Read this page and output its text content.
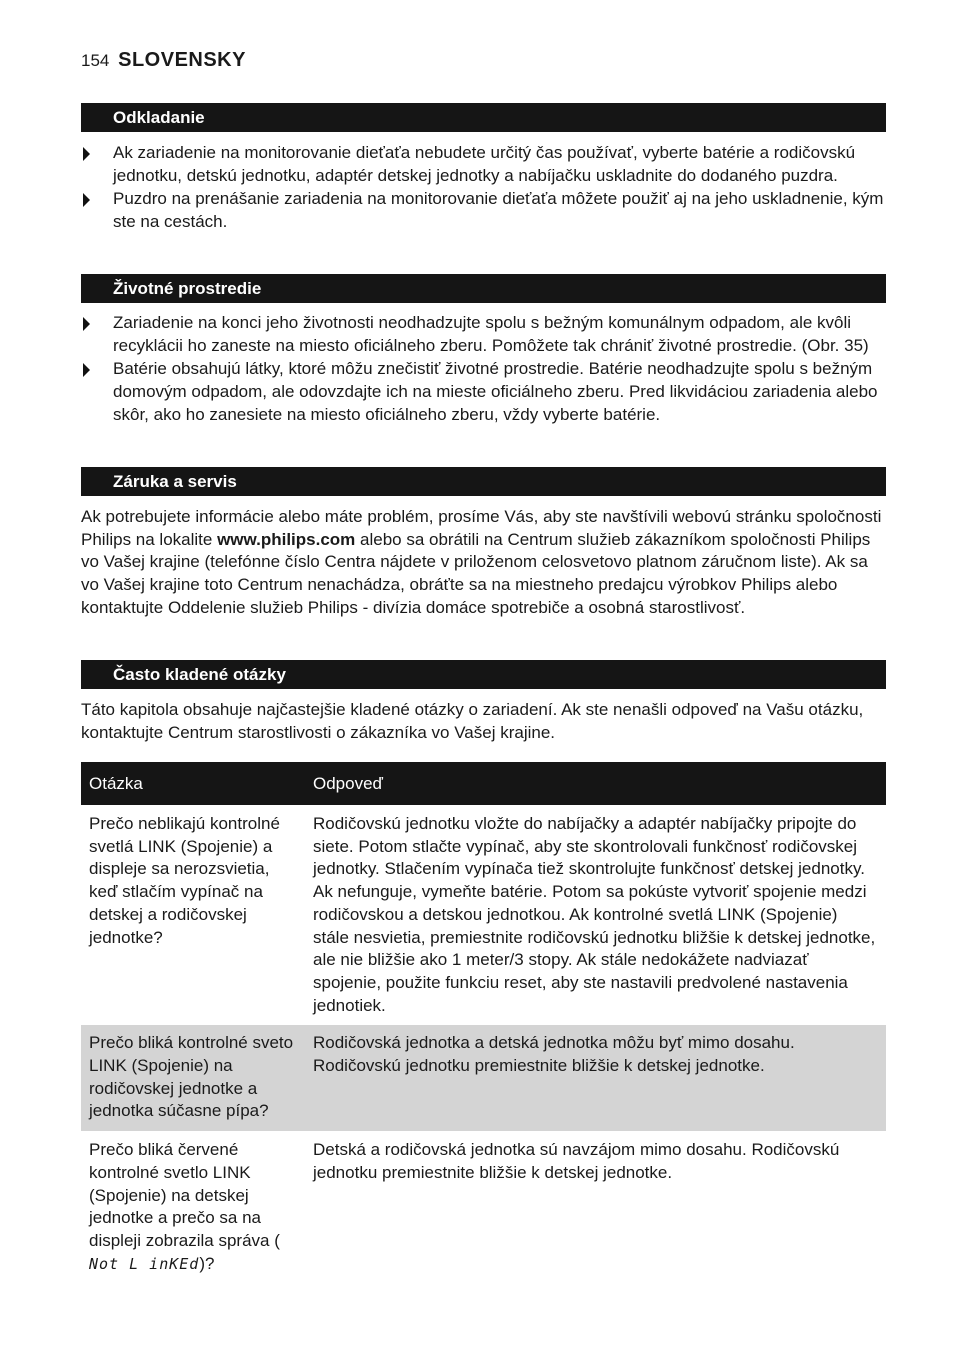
154 SLOVENSKY
Odkladanie
Ak zariadenie na monitorovanie dieťaťa nebudete určitý čas používať, vyberte batérie a rodičovskú jednotku, detskú jednotku, adaptér detskej jednotky a nabíjačku uskladnite do dodaného puzdra.
Puzdro na prenášanie zariadenia na monitorovanie dieťaťa môžete použiť aj na jeho uskladnenie, kým ste na cestách.
Životné prostredie
Zariadenie na konci jeho životnosti neodhadzujte spolu s bežným komunálnym odpadom, ale kvôli recyklácii ho zaneste na miesto oficiálneho zberu. Pomôžete tak chrániť životné prostredie. (Obr. 35)
Batérie obsahujú látky, ktoré môžu znečistiť životné prostredie. Batérie neodhadzujte spolu s bežným domovým odpadom, ale odovzdajte ich na mieste oficiálneho zberu. Pred likvidáciou zariadenia alebo skôr, ako ho zanesiete na miesto oficiálneho zberu, vždy vyberte batérie.
Záruka a servis

Ak potrebujete informácie alebo máte problém, prosíme Vás, aby ste navštívili webovú stránku spoločnosti Philips na lokalite www.philips.com alebo sa obrátili na Centrum služieb zákazníkom spoločnosti Philips vo Vašej krajine (telefónne číslo Centra nájdete v priloženom celosvetovo platnom záručnom liste). Ak sa vo Vašej krajine toto Centrum nenachádza, obráťte sa na miestneho predajcu výrobkov Philips alebo kontaktujte Oddelenie služieb Philips - divízia domáce spotrebiče a osobná starostlivosť.

Často kladené otázky

Táto kapitola obsahuje najčastejšie kladené otázky o zariadení. Ak ste nenašli odpoveď na Vašu otázku, kontaktujte Centrum starostlivosti o zákazníka vo Vašej krajine.

Otázka	Odpoveď
Prečo neblikajú kontrolné svetlá LINK (Spojenie) a displeje sa nerozsvietia, keď stlačím vypínač na detskej a rodičovskej jednotke?	Rodičovskú jednotku vložte do nabíjačky a adaptér nabíjačky pripojte do siete. Potom stlačte vypínač, aby ste skontrolovali funkčnosť rodičovskej jednotky. Stlačením vypínača tiež skontrolujte funkčnosť detskej jednotky. Ak nefunguje, vymeňte batérie. Potom sa pokúste vytvoriť spojenie medzi rodičovskou a detskou jednotkou. Ak kontrolné svetlá LINK (Spojenie) stále nesvietia, premiestnite rodičovskú jednotku bližšie k detskej jednotke, ale nie bližšie ako 1 meter/3 stopy. Ak stále nedokážete nadviazať spojenie, použite funkciu reset, aby ste nastavili predvolené nastavenia jednotiek.
Prečo bliká kontrolné sveto LINK (Spojenie) na rodičovskej jednotke a jednotka súčasne pípa?	Rodičovská jednotka a detská jednotka môžu byť mimo dosahu. Rodičovskú jednotku premiestnite bližšie k detskej jednotke.
Prečo bliká červené kontrolné svetlo LINK (Spojenie) na detskej jednotke a prečo sa na displeji zobrazila správa ( Not L inKEd)?	Detská a rodičovská jednotka sú navzájom mimo dosahu. Rodičovskú jednotku premiestnite bližšie k detskej jednotke.
